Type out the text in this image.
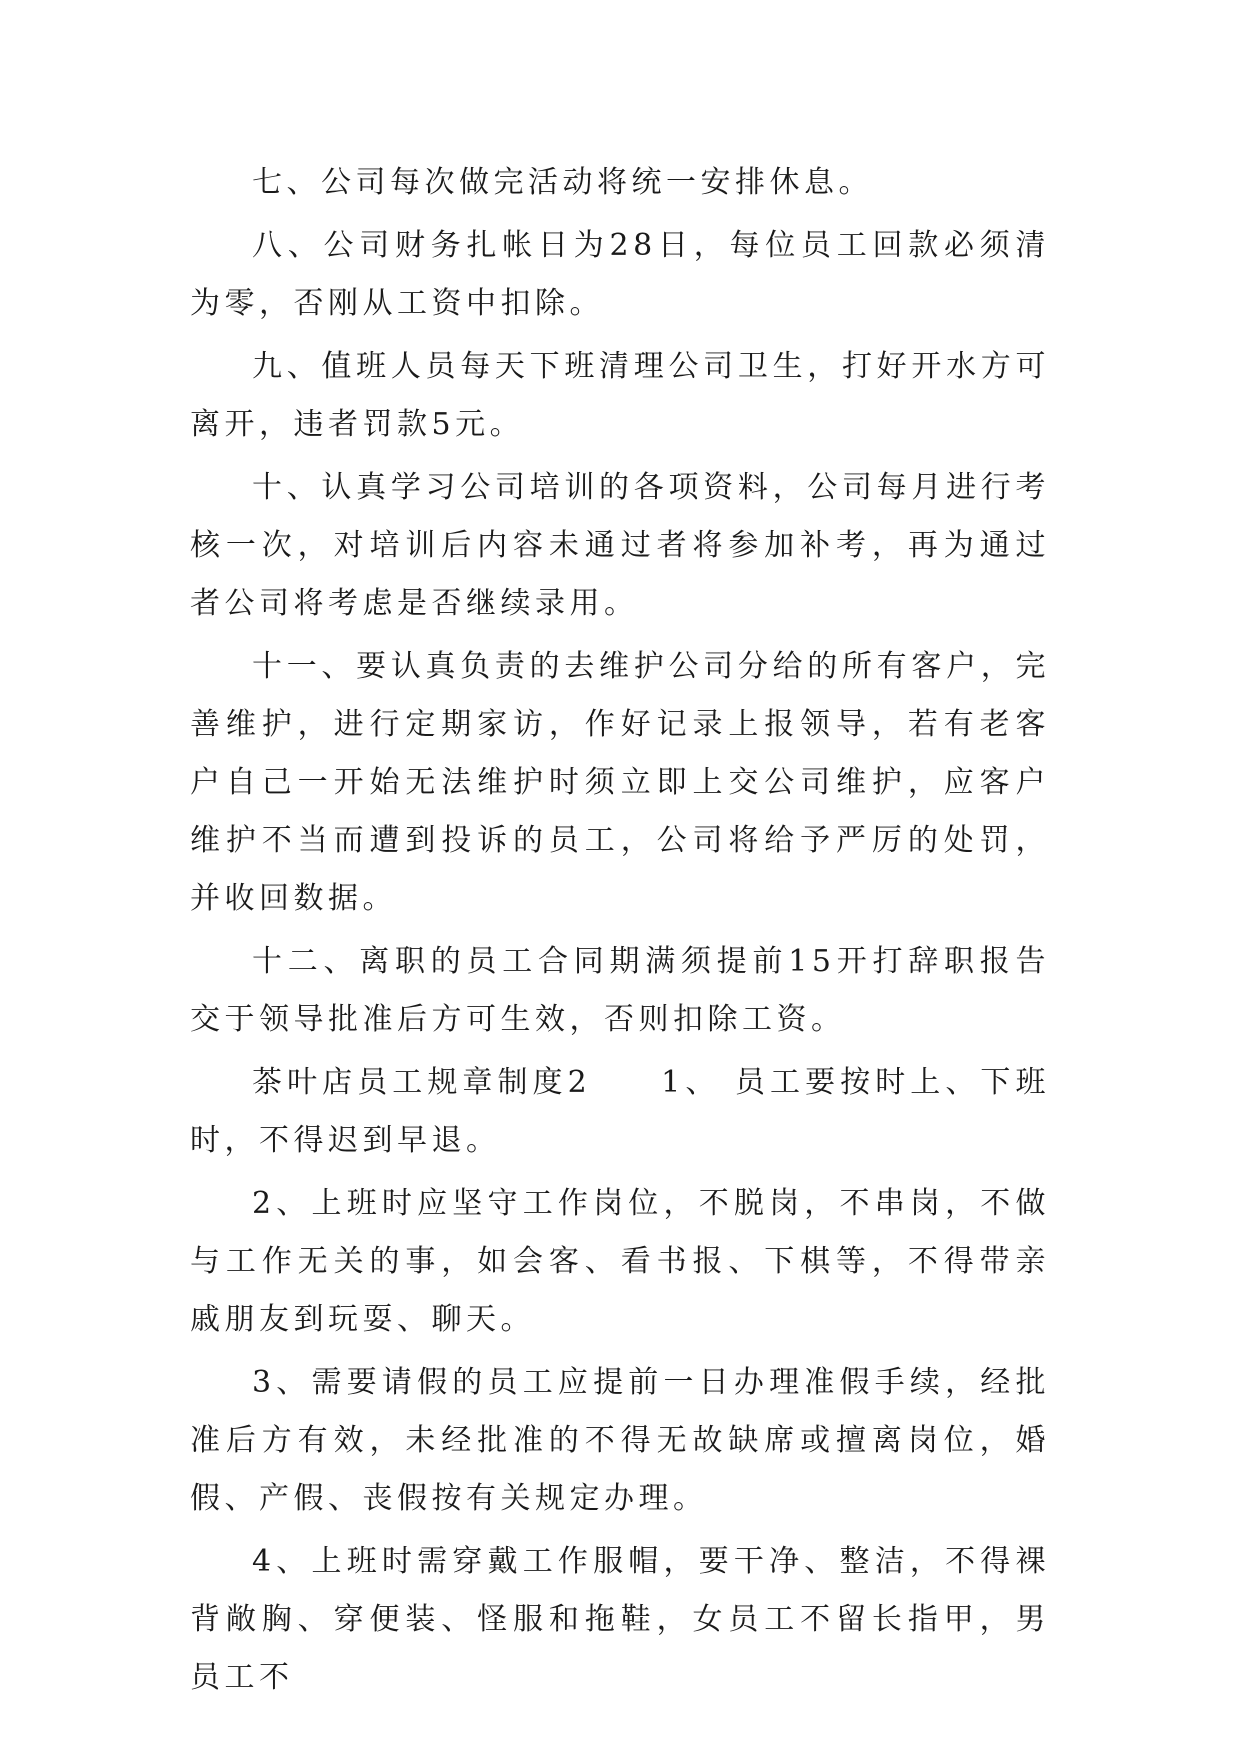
七、公司每次做完活动将统一安排休息。

八、公司财务扎帐日为28日，每位员工回款必须清为零，否刚从工资中扣除。

九、值班人员每天下班清理公司卫生，打好开水方可离开，违者罚款5元。

十、认真学习公司培训的各项资料，公司每月进行考核一次，对培训后内容未通过者将参加补考，再为通过者公司将考虑是否继续录用。

十一、要认真负责的去维护公司分给的所有客户，完善维护，进行定期家访，作好记录上报领导，若有老客户自己一开始无法维护时须立即上交公司维护，应客户维护不当而遭到投诉的员工，公司将给予严厉的处罚，并收回数据。

十二、离职的员工合同期满须提前15开打辞职报告交于领导批准后方可生效，否则扣除工资。

茶叶店员工规章制度2 1、 员工要按时上、下班时，不得迟到早退。

2、上班时应坚守工作岗位，不脱岗，不串岗，不做与工作无关的事，如会客、看书报、下棋等，不得带亲戚朋友到玩耍、聊天。

3、需要请假的员工应提前一日办理准假手续，经批准后方有效，未经批准的不得无故缺席或擅离岗位，婚假、产假、丧假按有关规定办理。

4、上班时需穿戴工作服帽，要干净、整洁，不得裸背敞胸、穿便装、怪服和拖鞋，女员工不留长指甲，男员工不
